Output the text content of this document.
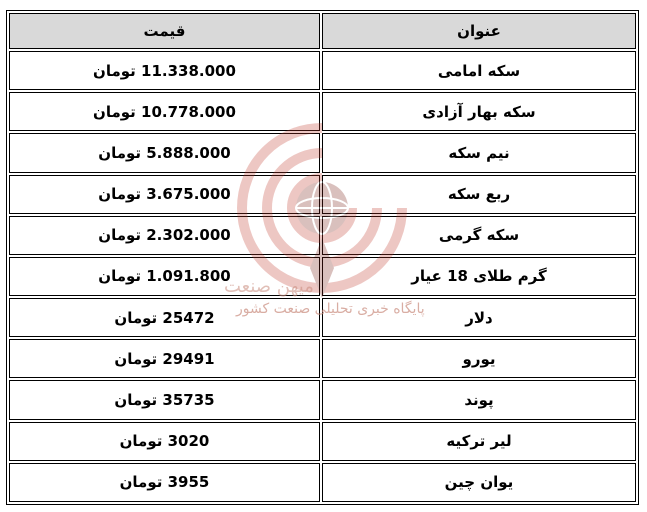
عنوان	قیمت
سکه امامی	11.338.000 تومان
سکه بهار آزادی	10.778.000 تومان
نیم سکه	5.888.000 تومان
ربع سکه	3.675.000 تومان
سکه گرمی	2.302.000 تومان
گرم طلای 18 عیار	1.091.800 تومان
دلار	25472 تومان
یورو	29491 تومان
پوند	35735 تومان
لیر ترکیه	3020 تومان
یوان چین	3955 تومان
میهن صنعت
پایگاه خبری تحلیلی صنعت کشور
